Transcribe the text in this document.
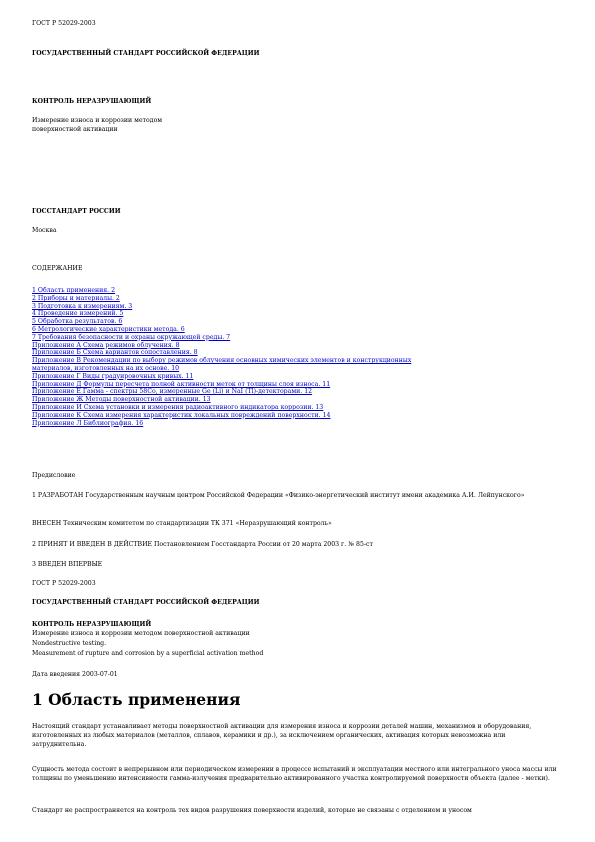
ГОСТ Р 52029-2003

ГОСУДАРСТВЕННЫЙ СТАНДАРТ РОССИЙСКОЙ ФЕДЕРАЦИИ

КОНТРОЛЬ НЕРАЗРУШАЮЩИЙ

Измерение износа и коррозии методом

поверхностной активации

ГОССТАНДАРТ РОССИИ

Москва

СОДЕРЖАНИЕ

1 Область применения. 2
2 Приборы и материалы. 2
3 Подготовка к измерениям. 3
4 Проведение измерений. 5
5 Обработка результатов. 6
6 Метрологические характеристики метода. 6
7 Требования безопасности и охраны окружающей среды. 7
Приложение А Схема режимов облучения. 8
Приложение Б Схема вариантов сопоставления. 8
Приложение В Рекомендации по выбору режимов облучения основных химических элементов и конструкционных
материалов, изготовленных на их основе. 10
Приложение Г Виды градуировочных кривых. 11
Приложение Д Формулы пересчета полной активности меток от толщины слоя износа. 11
Приложение Е Гамма - спектры 58Co, измеренные Ge (Li) и NaI (Tl)-детекторами. 12
Приложение Ж Методы поверхностной активации. 13
Приложение И Схема установки и измерения радиоактивного индикатора коррозии. 13
Приложение К Схема измерения характеристик локальных повреждений поверхности. 14
Приложение Л Библиография. 16

Предисловие

1 РАЗРАБОТАН Государственным научным центром Российской Федерации «Физико-энергетический институт имени академика А.И. Лейпунского»

ВНЕСЕН Техническим комитетом по стандартизации ТК 371 «Неразрушающий контроль»

2 ПРИНЯТ И ВВЕДЕН В ДЕЙСТВИЕ Постановлением Госстандарта России от 20 марта 2003 г. № 85-ст

3 ВВЕДЕН ВПЕРВЫЕ

ГОСТ Р 52029-2003

ГОСУДАРСТВЕННЫЙ СТАНДАРТ РОССИЙСКОЙ ФЕДЕРАЦИИ

КОНТРОЛЬ НЕРАЗРУШАЮЩИЙ

Измерение износа и коррозии методом поверхностной активации

Nondestructive testing.

Measurement of rupture and corrosion by a superficial activation method

Дата введения 2003-07-01

1 Область применения

Настоящий стандарт устанавливает методы поверхностной активации для измерения износа и коррозии деталей машин, механизмов и оборудования, изготовленных из любых материалов (металлов, сплавов, керамики и др.), за исключением органических, активация которых невозможна или затруднительна.

Сущность метода состоит в непрерывном или периодическом измерении в процессе испытаний и эксплуатации местного или интегрального уноса массы или толщины по уменьшению интенсивности гамма-излучения предварительно активированного участка контролируемой поверхности объекта (далее - метки).

Стандарт не распространяется на контроль тех видов разрушения поверхности изделий, которые не связаны с отделением и уносом
